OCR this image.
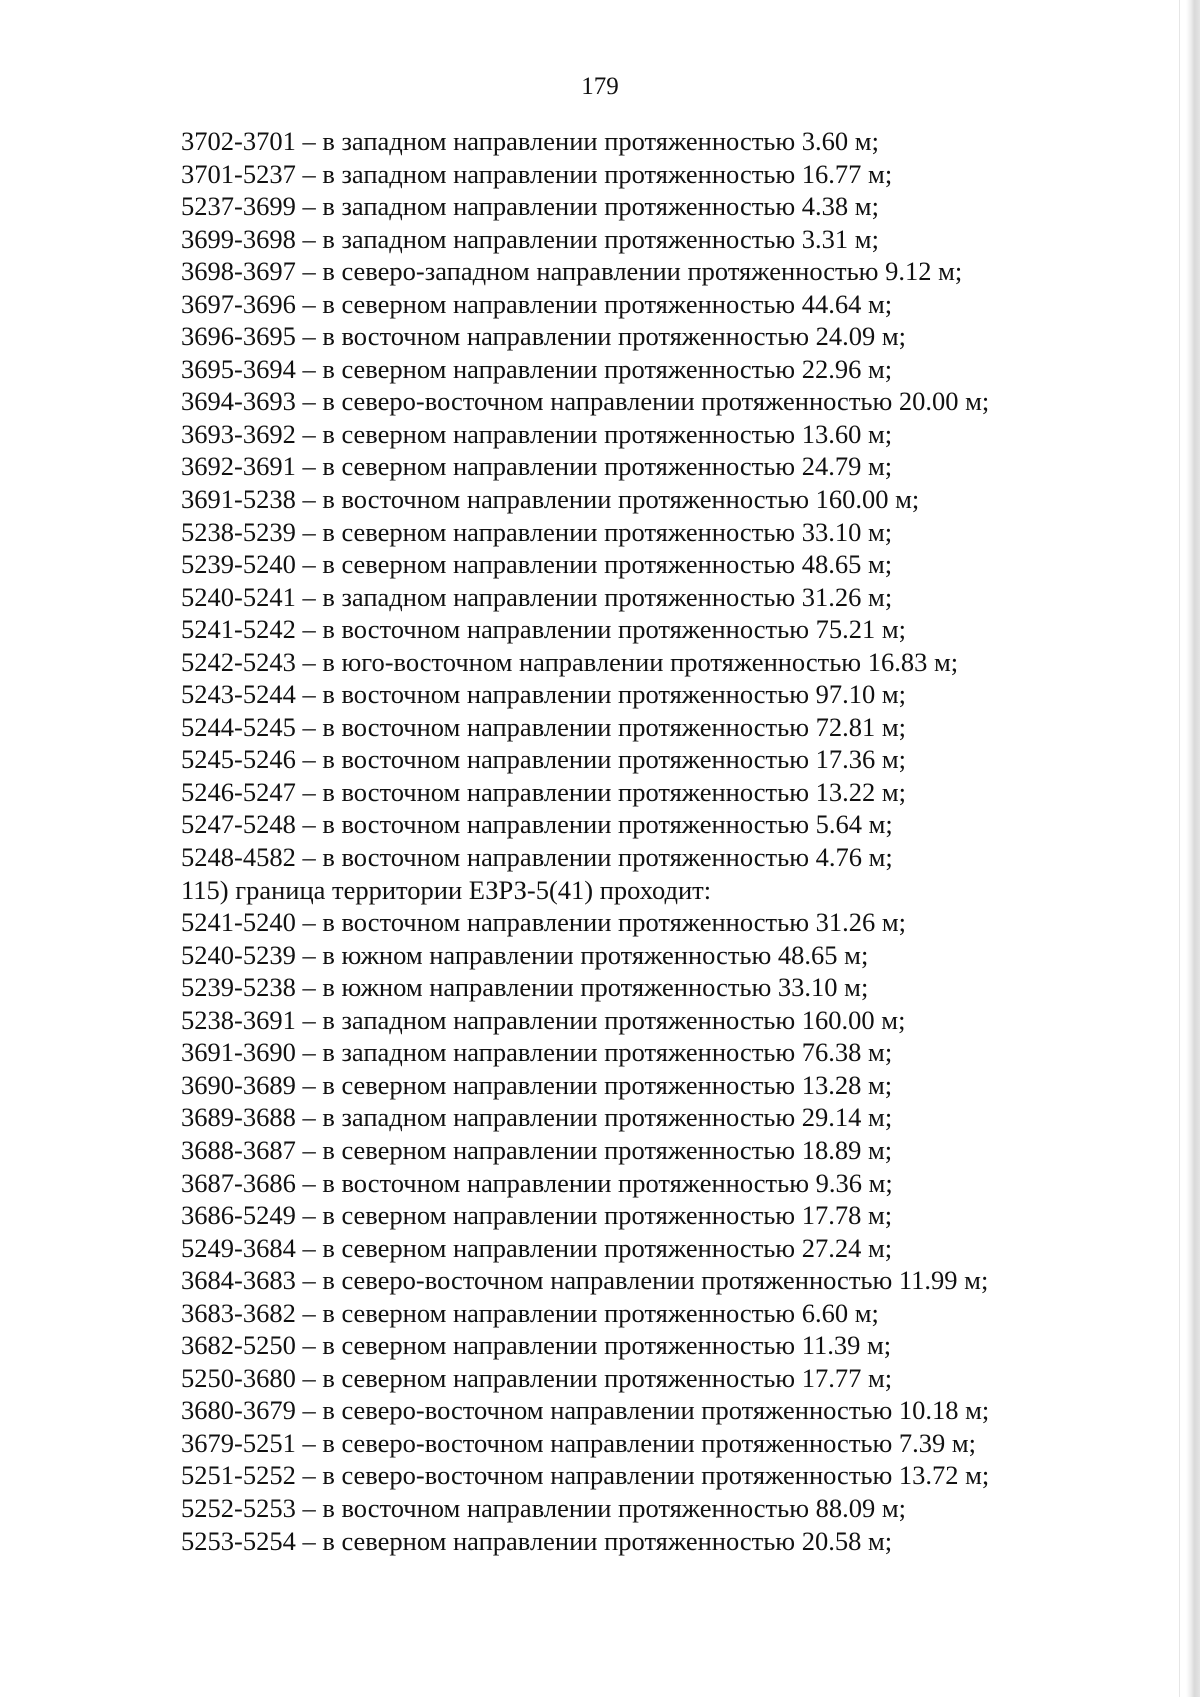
179
3702-3701 – в западном направлении протяженностью 3.60 м;
3701-5237 – в западном направлении протяженностью 16.77 м;
5237-3699 – в западном направлении протяженностью 4.38 м;
3699-3698 – в западном направлении протяженностью 3.31 м;
3698-3697 – в северо-западном направлении протяженностью 9.12 м;
3697-3696 – в северном направлении протяженностью 44.64 м;
3696-3695 – в восточном направлении протяженностью 24.09 м;
3695-3694 – в северном направлении протяженностью 22.96 м;
3694-3693 – в северо-восточном направлении протяженностью 20.00 м;
3693-3692 – в северном направлении протяженностью 13.60 м;
3692-3691 – в северном направлении протяженностью 24.79 м;
3691-5238 – в восточном направлении протяженностью 160.00 м;
5238-5239 – в северном направлении протяженностью 33.10 м;
5239-5240 – в северном направлении протяженностью 48.65 м;
5240-5241 – в западном направлении протяженностью 31.26 м;
5241-5242 – в восточном направлении протяженностью 75.21 м;
5242-5243 – в юго-восточном направлении протяженностью 16.83 м;
5243-5244 – в восточном направлении протяженностью 97.10 м;
5244-5245 – в восточном направлении протяженностью 72.81 м;
5245-5246 – в восточном направлении протяженностью 17.36 м;
5246-5247 – в восточном направлении протяженностью 13.22 м;
5247-5248 – в восточном направлении протяженностью 5.64 м;
5248-4582 – в восточном направлении протяженностью 4.76 м;
115) граница территории ЕЗРЗ-5(41) проходит:
5241-5240 – в восточном направлении протяженностью 31.26 м;
5240-5239 – в южном направлении протяженностью 48.65 м;
5239-5238 – в южном направлении протяженностью 33.10 м;
5238-3691 – в западном направлении протяженностью 160.00 м;
3691-3690 – в западном направлении протяженностью 76.38 м;
3690-3689 – в северном направлении протяженностью 13.28 м;
3689-3688 – в западном направлении протяженностью 29.14 м;
3688-3687 – в северном направлении протяженностью 18.89 м;
3687-3686 – в восточном направлении протяженностью 9.36 м;
3686-5249 – в северном направлении протяженностью 17.78 м;
5249-3684 – в северном направлении протяженностью 27.24 м;
3684-3683 – в северо-восточном направлении протяженностью 11.99 м;
3683-3682 – в северном направлении протяженностью 6.60 м;
3682-5250 – в северном направлении протяженностью 11.39 м;
5250-3680 – в северном направлении протяженностью 17.77 м;
3680-3679 – в северо-восточном направлении протяженностью 10.18 м;
3679-5251 – в северо-восточном направлении протяженностью 7.39 м;
5251-5252 – в северо-восточном направлении протяженностью 13.72 м;
5252-5253 – в восточном направлении протяженностью 88.09 м;
5253-5254 – в северном направлении протяженностью 20.58 м;
